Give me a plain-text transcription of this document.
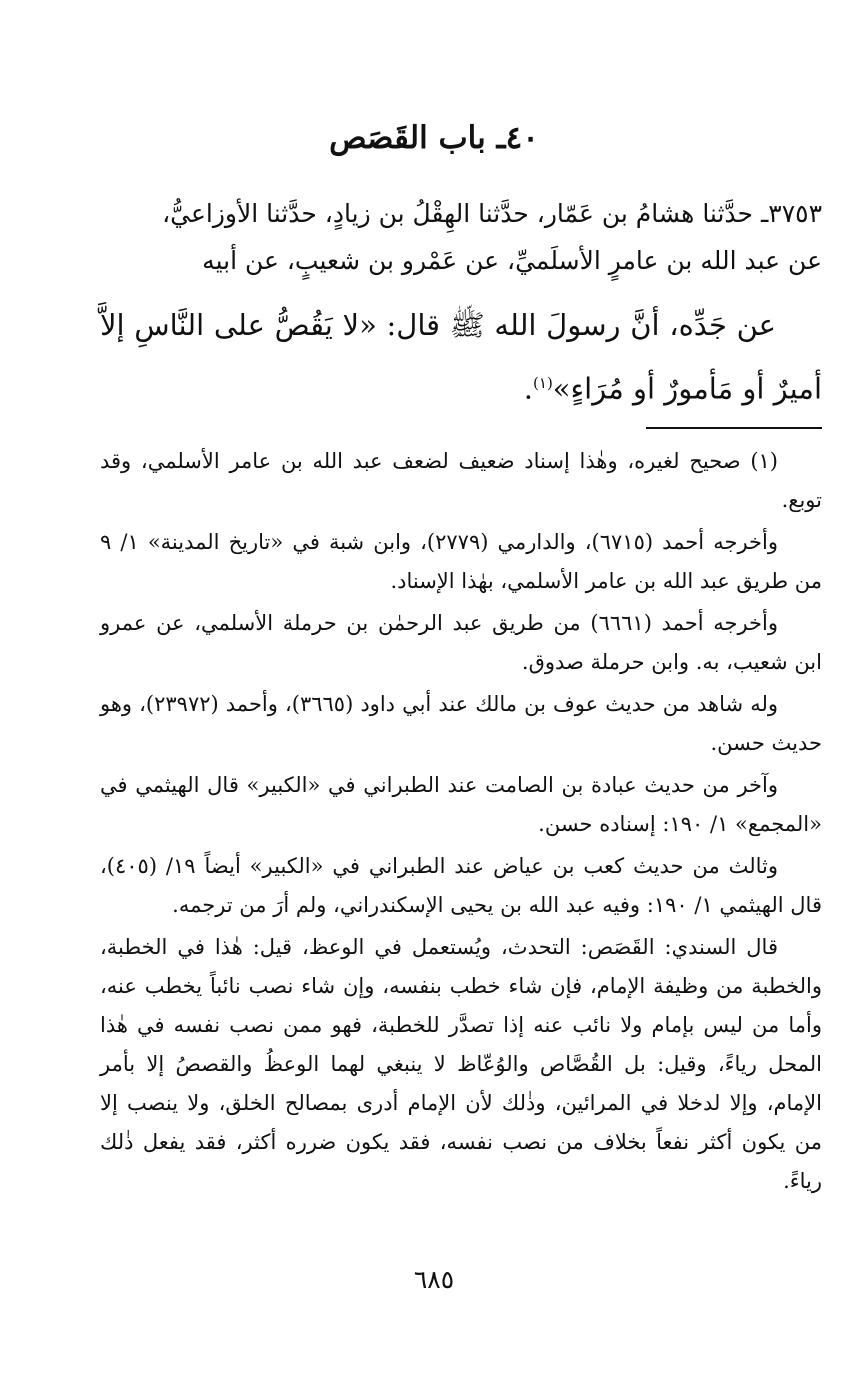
٤٠ـ باب القَصَص

٣٧٥٣ـ حدَّثنا هشامُ بن عَمّار، حدَّثنا الهِقْلُ بن زيادٍ، حدَّثنا الأوزاعيُّ،

عن عبد الله بن عامرٍ الأسلَميِّ، عن عَمْرو بن شعيبٍ، عن أبيه

عن جَدِّه، أنَّ رسولَ الله ﷺ قال: «لا يَقُصُّ على النَّاسِ إلاَّ أميرٌ أو مَأمورٌ أو مُرَاءٍ»$^{(١)}$.

(١) صحيح لغيره، وهٰذا إسناد ضعيف لضعف عبد الله بن عامر الأسلمي، وقد توبع.

وأخرجه أحمد (٦٧١٥)، والدارمي (٢٧٧٩)، وابن شبة في «تاريخ المدينة» ١/ ٩ من طريق عبد الله بن عامر الأسلمي، بهٰذا الإسناد.

وأخرجه أحمد (٦٦٦١) من طريق عبد الرحمٰن بن حرملة الأسلمي، عن عمرو ابن شعيب، به. وابن حرملة صدوق.

وله شاهد من حديث عوف بن مالك عند أبي داود (٣٦٦٥)، وأحمد (٢٣٩٧٢)، وهو حديث حسن.

وآخر من حديث عبادة بن الصامت عند الطبراني في «الكبير» قال الهيثمي في «المجمع» ١/ ١٩٠: إسناده حسن.

وثالث من حديث كعب بن عياض عند الطبراني في «الكبير» أيضاً ١٩/ (٤٠٥)، قال الهيثمي ١/ ١٩٠: وفيه عبد الله بن يحيى الإسكندراني، ولم أرَ من ترجمه.

قال السندي: القَصَص: التحدث، ويُستعمل في الوعظ، قيل: هٰذا في الخطبة، والخطبة من وظيفة الإمام، فإن شاء خطب بنفسه، وإن شاء نصب نائباً يخطب عنه، وأما من ليس بإمام ولا نائب عنه إذا تصدَّر للخطبة، فهو ممن نصب نفسه في هٰذا المحل رياءً، وقيل: بل القُصَّاص والوُعّاظ لا ينبغي لهما الوعظُ والقصصُ إلا بأمر الإمام، وإلا لدخلا في المرائين، وذٰلك لأن الإمام أدرى بمصالح الخلق، ولا ينصب إلا من يكون أكثر نفعاً بخلاف من نصب نفسه، فقد يكون ضرره أكثر، فقد يفعل ذٰلك رياءً.

٦٨٥
